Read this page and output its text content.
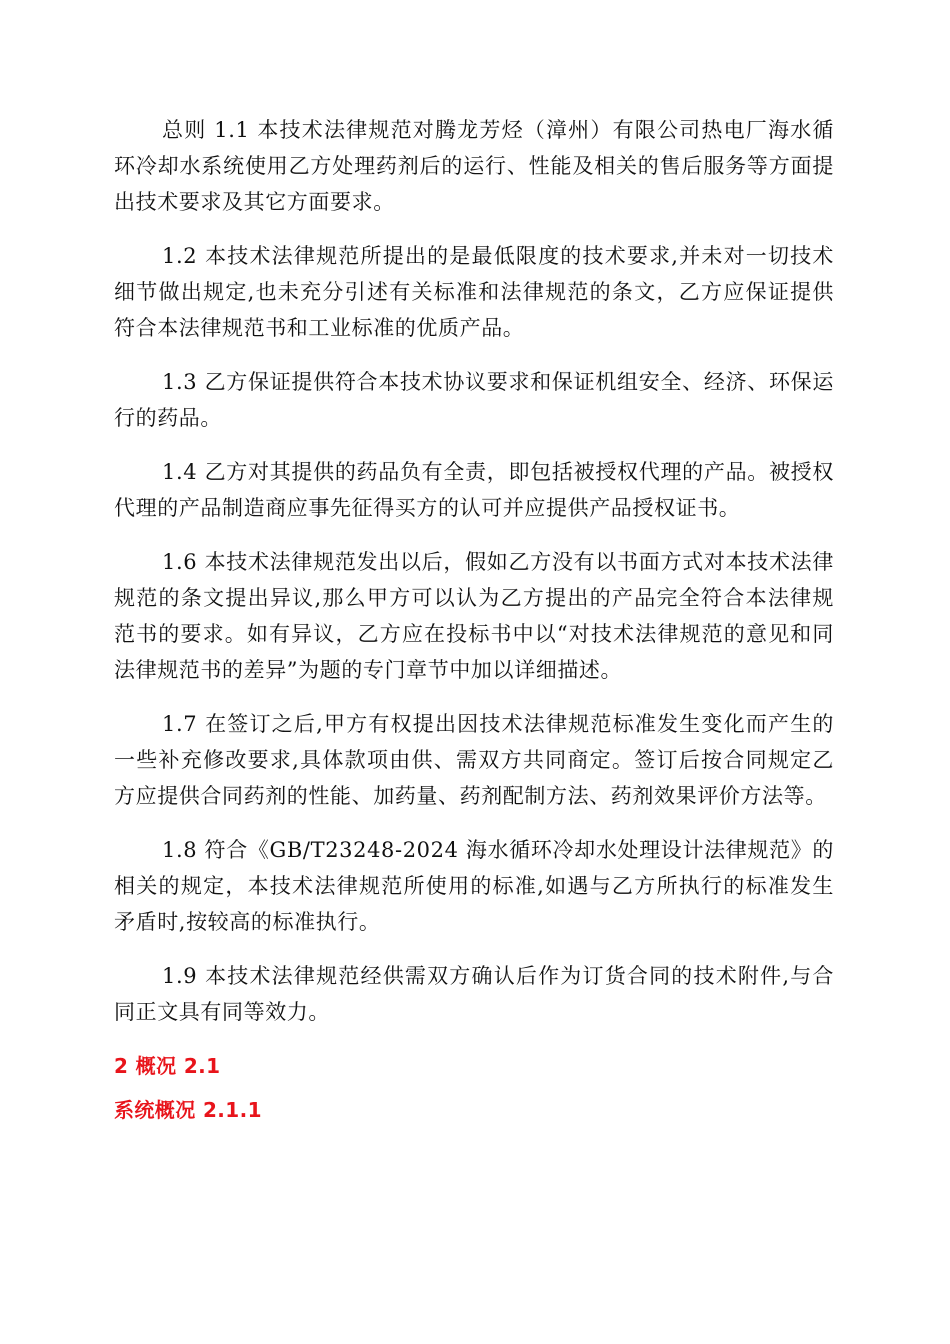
总则 1.1 本技术法律规范对腾龙芳烃（漳州）有限公司热电厂海水循环冷却水系统使用乙方处理药剂后的运行、性能及相关的售后服务等方面提出技术要求及其它方面要求。

1.2 本技术法律规范所提出的是最低限度的技术要求,并未对一切技术细节做出规定,也未充分引述有关标准和法律规范的条文，乙方应保证提供符合本法律规范书和工业标准的优质产品。

1.3 乙方保证提供符合本技术协议要求和保证机组安全、经济、环保运行的药品。

1.4 乙方对其提供的药品负有全责，即包括被授权代理的产品。被授权代理的产品制造商应事先征得买方的认可并应提供产品授权证书。

1.6 本技术法律规范发出以后，假如乙方没有以书面方式对本技术法律规范的条文提出异议,那么甲方可以认为乙方提出的产品完全符合本法律规范书的要求。如有异议，乙方应在投标书中以“对技术法律规范的意见和同法律规范书的差异”为题的专门章节中加以详细描述。

1.7 在签订之后,甲方有权提出因技术法律规范标准发生变化而产生的一些补充修改要求,具体款项由供、需双方共同商定。签订后按合同规定乙方应提供合同药剂的性能、加药量、药剂配制方法、药剂效果评价方法等。

1.8 符合《GB/T23248-2024 海水循环冷却水处理设计法律规范》的相关的规定，本技术法律规范所使用的标准,如遇与乙方所执行的标准发生矛盾时,按较高的标准执行。

1.9 本技术法律规范经供需双方确认后作为订货合同的技术附件,与合同正文具有同等效力。

2 概况 2.1
系统概况 2.1.1
